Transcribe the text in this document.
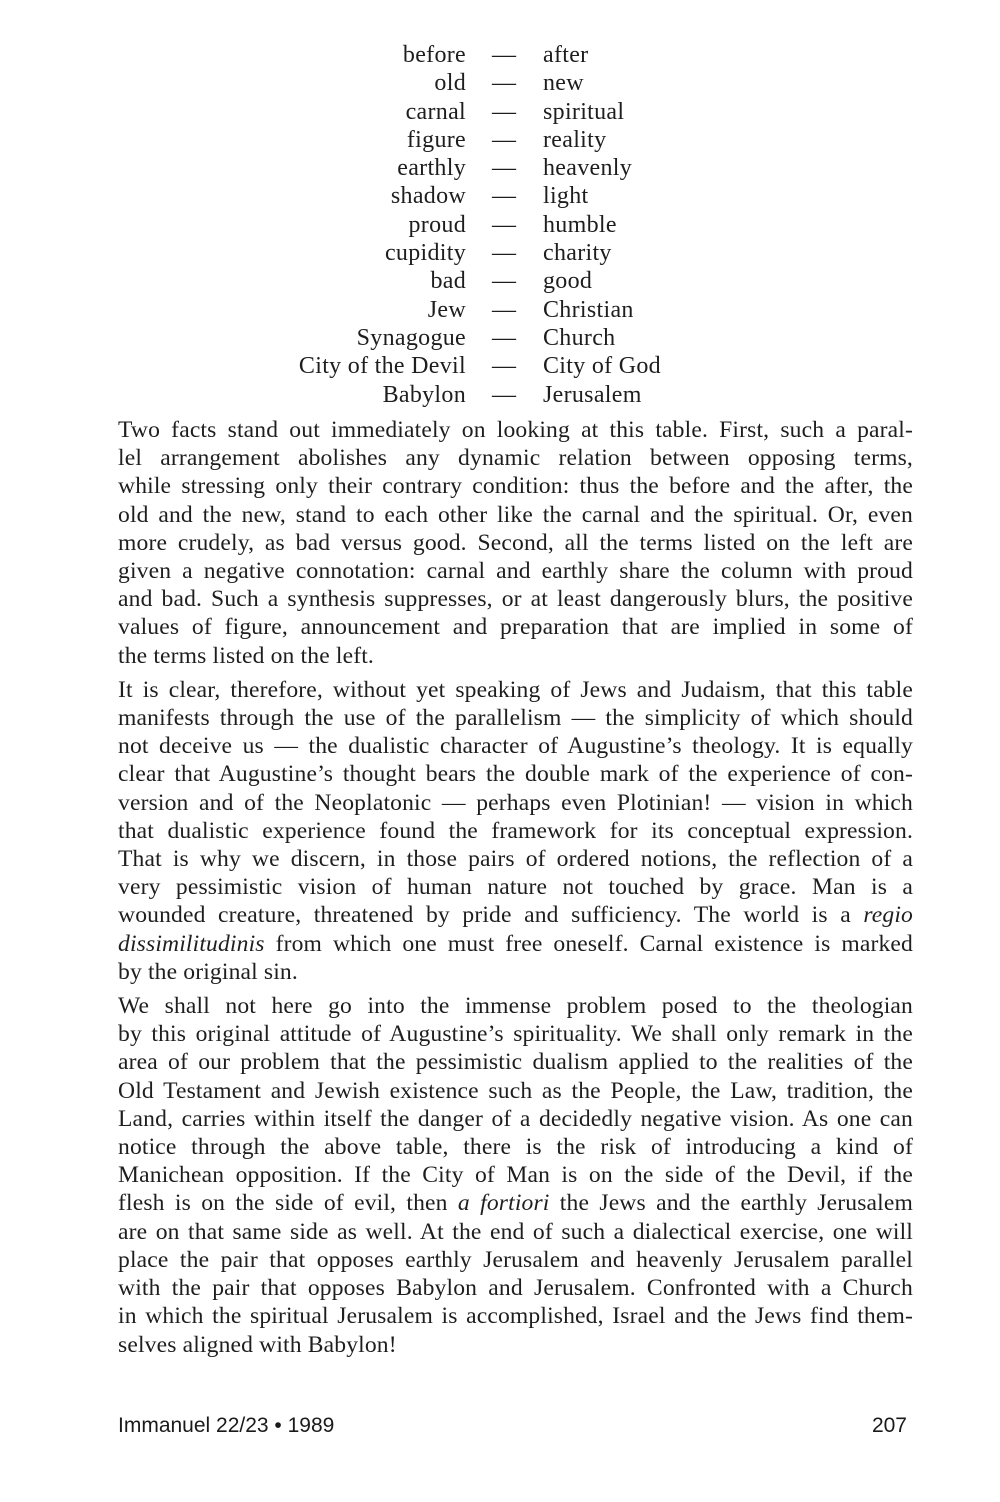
before — after
old — new
carnal — spiritual
figure — reality
earthly — heavenly
shadow — light
proud — humble
cupidity — charity
bad — good
Jew — Christian
Synagogue — Church
City of the Devil — City of God
Babylon — Jerusalem
Two facts stand out immediately on looking at this table. First, such a paral-
lel arrangement abolishes any dynamic relation between opposing terms,
while stressing only their contrary condition: thus the before and the after, the
old and the new, stand to each other like the carnal and the spiritual. Or, even
more crudely, as bad versus good. Second, all the terms listed on the left are
given a negative connotation: carnal and earthly share the column with proud
and bad. Such a synthesis suppresses, or at least dangerously blurs, the positive
values of figure, announcement and preparation that are implied in some of
the terms listed on the left.
It is clear, therefore, without yet speaking of Jews and Judaism, that this table
manifests through the use of the parallelism — the simplicity of which should
not deceive us — the dualistic character of Augustine’s theology. It is equally
clear that Augustine’s thought bears the double mark of the experience of con-
version and of the Neoplatonic — perhaps even Plotinian! — vision in which
that dualistic experience found the framework for its conceptual expression.
That is why we discern, in those pairs of ordered notions, the reflection of a
very pessimistic vision of human nature not touched by grace. Man is a
wounded creature, threatened by pride and sufficiency. The world is a regio
dissimilitudinis from which one must free oneself. Carnal existence is marked
by the original sin.
We shall not here go into the immense problem posed to the theologian
by this original attitude of Augustine’s spirituality. We shall only remark in the
area of our problem that the pessimistic dualism applied to the realities of the
Old Testament and Jewish existence such as the People, the Law, tradition, the
Land, carries within itself the danger of a decidedly negative vision. As one can
notice through the above table, there is the risk of introducing a kind of
Manichean opposition. If the City of Man is on the side of the Devil, if the
flesh is on the side of evil, then a fortiori the Jews and the earthly Jerusalem
are on that same side as well. At the end of such a dialectical exercise, one will
place the pair that opposes earthly Jerusalem and heavenly Jerusalem parallel
with the pair that opposes Babylon and Jerusalem. Confronted with a Church
in which the spiritual Jerusalem is accomplished, Israel and the Jews find them-
selves aligned with Babylon!
Immanuel 22/23 • 1989	207
